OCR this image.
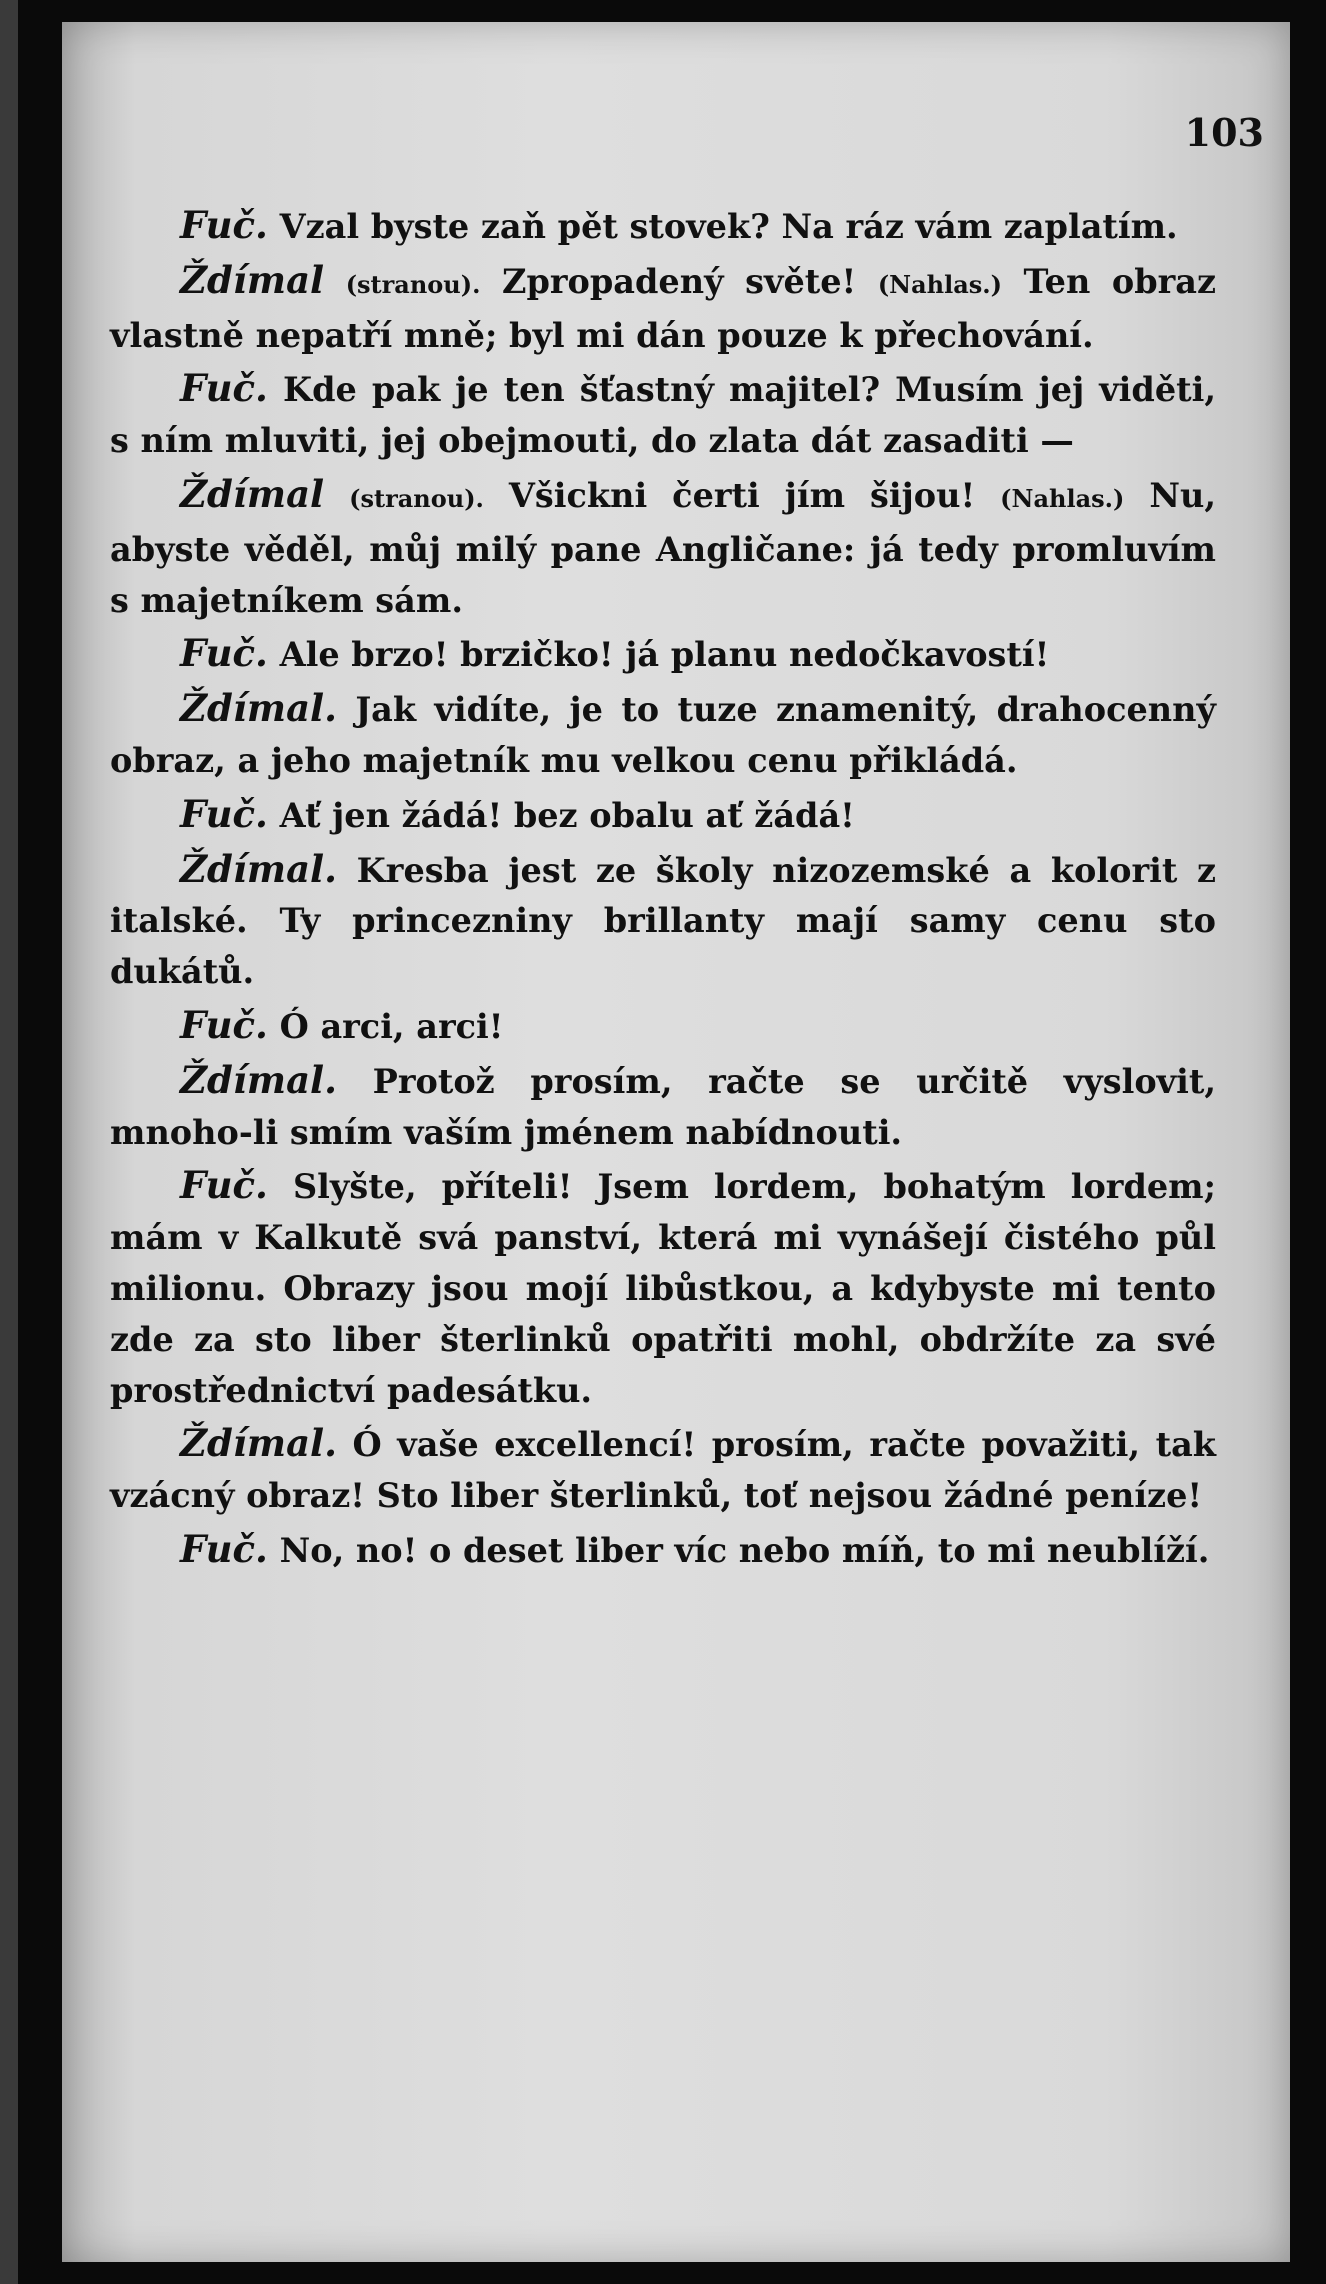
103

Fuč. Vzal byste zaň pět stovek? Na ráz vám zaplatím.

Ždímal (stranou). Zpropadený světe! (Nahlas.) Ten obraz vlastně nepatří mně; byl mi dán pouze k přechování.

Fuč. Kde pak je ten šťastný majitel? Musím jej viděti, s ním mluviti, jej obejmouti, do zlata dát zasaditi —

Ždímal (stranou). Všickni čerti jím šijou! (Nahlas.) Nu, abyste věděl, můj milý pane Angličane: já tedy promluvím s majetníkem sám.

Fuč. Ale brzo! brzičko! já planu nedočkavostí!

Ždímal. Jak vidíte, je to tuze znamenitý, drahocenný obraz, a jeho majetník mu velkou cenu přikládá.

Fuč. Ať jen žádá! bez obalu ať žádá!

Ždímal. Kresba jest ze školy nizozemské a kolorit z italské. Ty princezniny brillanty mají samy cenu sto dukátů.

Fuč. Ó arci, arci!

Ždímal. Protož prosím, račte se určitě vyslovit, mnoho-li smím vaším jménem nabídnouti.

Fuč. Slyšte, příteli! Jsem lordem, bohatým lordem; mám v Kalkutě svá panství, která mi vynášejí čistého půl milionu. Obrazy jsou mojí libůstkou, a kdybyste mi tento zde za sto liber šterlinků opatřiti mohl, obdržíte za své prostřednictví padesátku.

Ždímal. Ó vaše excellencí! prosím, račte považiti, tak vzácný obraz! Sto liber šterlinků, toť nejsou žádné peníze!

Fuč. No, no! o deset liber víc nebo míň, to mi neublíží.
